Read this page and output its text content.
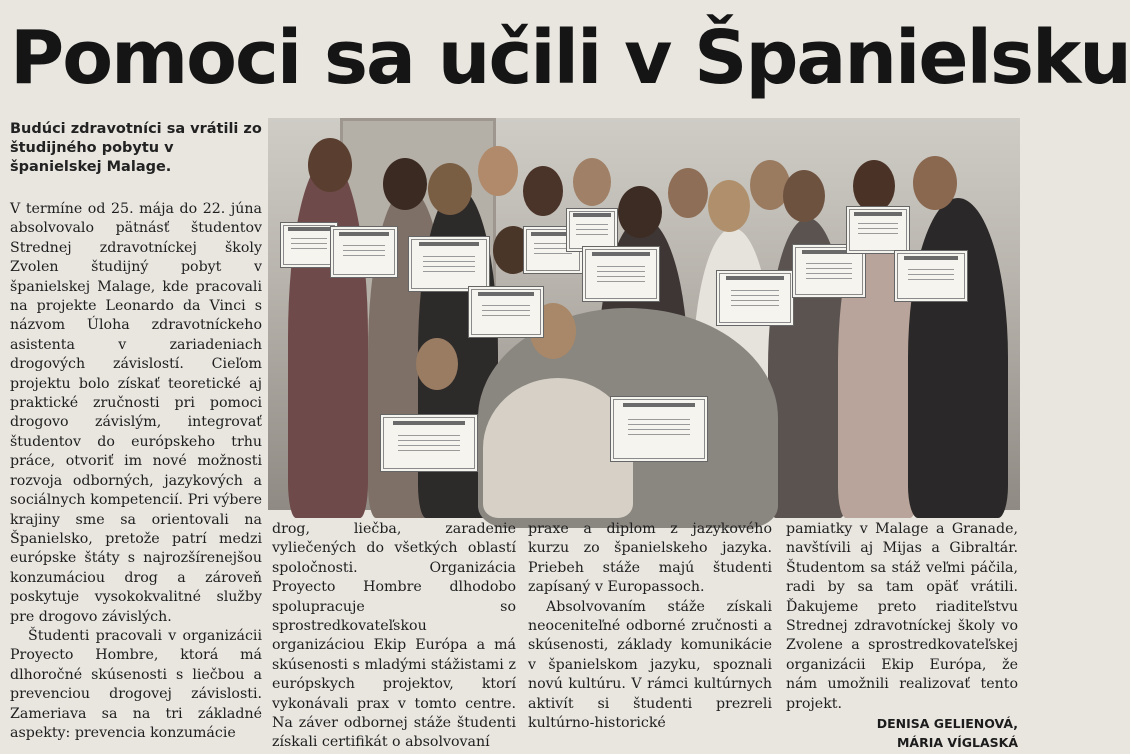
Pomoci sa učili v Španielsku
Budúci zdravotníci sa vrátili zo študijného pobytu v španielskej Malage.

V termíne od 25. mája do 22. júna absolvovalo pätnásť študentov Strednej zdravotníckej školy Zvolen študijný pobyt v španielskej Malage, kde pracovali na projekte Leonardo da Vinci s názvom Úloha zdravotníckeho asistenta v zariadeniach drogových závislostí. Cieľom projektu bolo získať teoretické aj praktické zručnosti pri pomoci drogovo závislým, integrovať študentov do európskeho trhu práce, otvoriť im nové možnosti rozvoja odborných, jazykových a sociálnych kompetencií. Pri výbere krajiny sme sa orientovali na Španielsko, pretože patrí medzi európske štáty s najrozšírenejšou konzumáciou drog a zároveň poskytuje vysokokvalitné služby pre drogovo závislých.

Študenti pracovali v organizácii Proyecto Hombre, ktorá má dlhoročné skúsenosti s liečbou a prevenciou drogovej závislosti. Zameriava sa na tri základné aspekty: prevencia konzumácie

drog, liečba, zaradenie vyliečených do všetkých oblastí spoločnosti. Organizácia Proyecto Hombre dlhodobo spolupracuje so sprostredkovateľskou organizáciou Ekip Európa a má skúsenosti s mladými stážistami z európskych projektov, ktorí vykonávali prax v tomto centre. Na záver odbornej stáže študenti získali certifikát o absolvovaní

praxe a diplom z jazykového kurzu zo španielskeho jazyka. Priebeh stáže majú študenti zapísaný v Europassoch.

Absolvovaním stáže získali neoceniteľné odborné zručnosti a skúsenosti, základy komunikácie v španielskom jazyku, spoznali novú kultúru. V rámci kultúrnych aktivít si študenti prezreli kultúrno-historické

pamiatky v Malage a Granade, navštívili aj Mijas a Gibraltár. Študentom sa stáž veľmi páčila, radi by sa tam opäť vrátili. Ďakujeme preto riaditeľstvu Strednej zdravotníckej školy vo Zvolene a sprostredkovateľskej organizácii Ekip Európa, že nám umožnili realizovať tento projekt.

DENISA GELIENOVÁ,
MÁRIA VÍGLASKÁ
